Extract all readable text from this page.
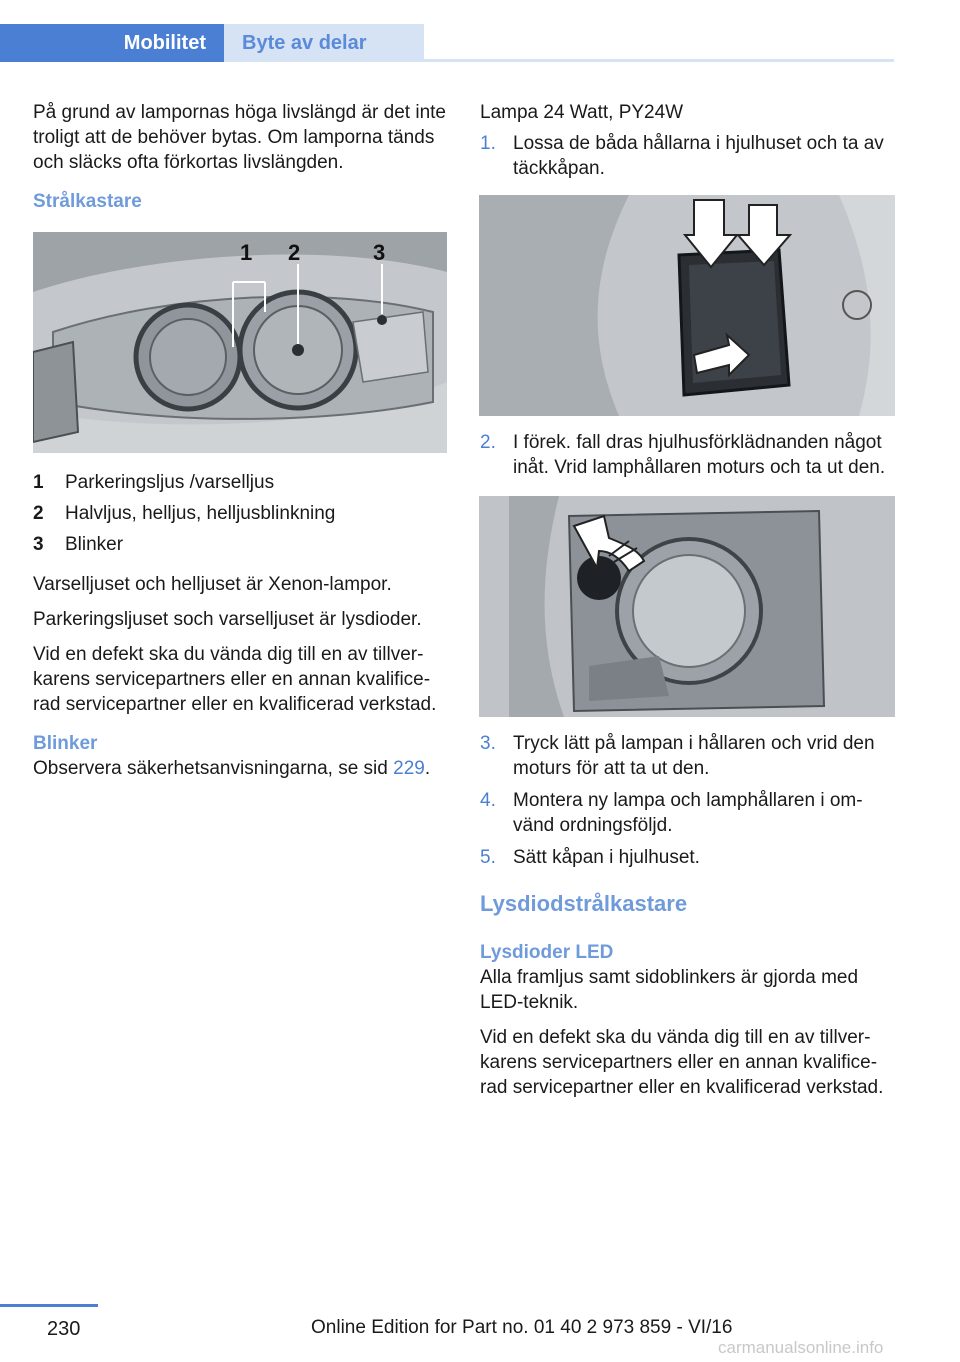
Mobilitet	Byte av delar

På grund av lampornas höga livslängd är det inte troligt att de behöver bytas. Om lamporna tänds och släcks ofta förkortas livslängden.

Strålkastare
1 2	3
1	Parkeringsljus /varselljus
2	Halvljus, helljus, helljusblinkning
3	Blinker

Varselljuset och helljuset är Xenon-lampor.

Parkeringsljuset soch varselljuset är lysdioder.

Vid en defekt ska du vända dig till en av tillverkarens servicepartners eller en annan kvalificerad servicepartner eller en kvalificerad verkstad.

Blinker

Observera säkerhetsanvisningarna, se sid 229.

Lampa 24 Watt, PY24W

1. Lossa de båda hållarna i hjulhuset och ta av täckkåpan.
2. I förek. fall dras hjulhusförklädnanden något inåt. Vrid lamphållaren moturs och ta ut den.
3. Tryck lätt på lampan i hållaren och vrid den moturs för att ta ut den.
4. Montera ny lampa och lamphållaren i omvänd ordningsföljd.
5. Sätt kåpan i hjulhuset.
Lysdiodstrålkastare
Lysdioder LED

Alla framljus samt sidoblinkers är gjorda med LED-teknik.

Vid en defekt ska du vända dig till en av tillverkarens servicepartners eller en annan kvalificerad servicepartner eller en kvalificerad verkstad.

230	Online Edition for Part no. 01 40 2 973 859 - VI/16
carmanualsonline.info
